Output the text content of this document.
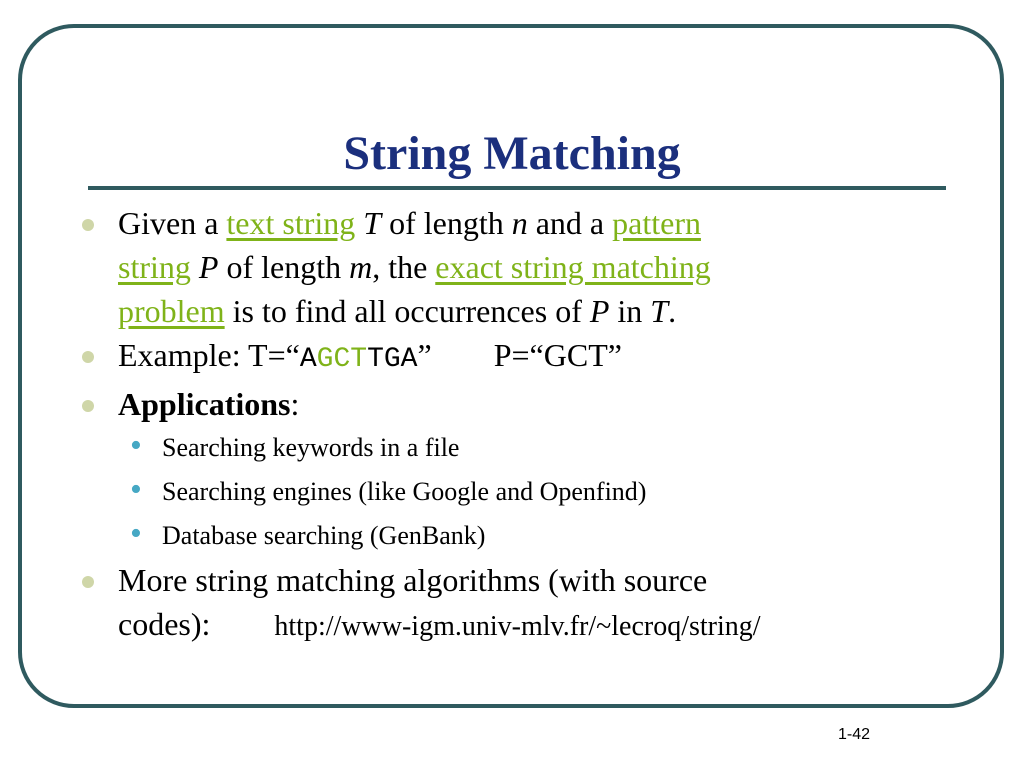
String Matching
Given a text string T of length n and a pattern
string P of length m, the exact string matching
problem is to find all occurrences of P in T.
Example: T=“AGCTTGA” P=“GCT”
Applications:
• Searching keywords in a file
• Searching engines (like Google and Openfind)
• Database searching (GenBank)
More string matching algorithms (with source
codes): http://www-igm.univ-mlv.fr/~lecroq/string/
1-42
